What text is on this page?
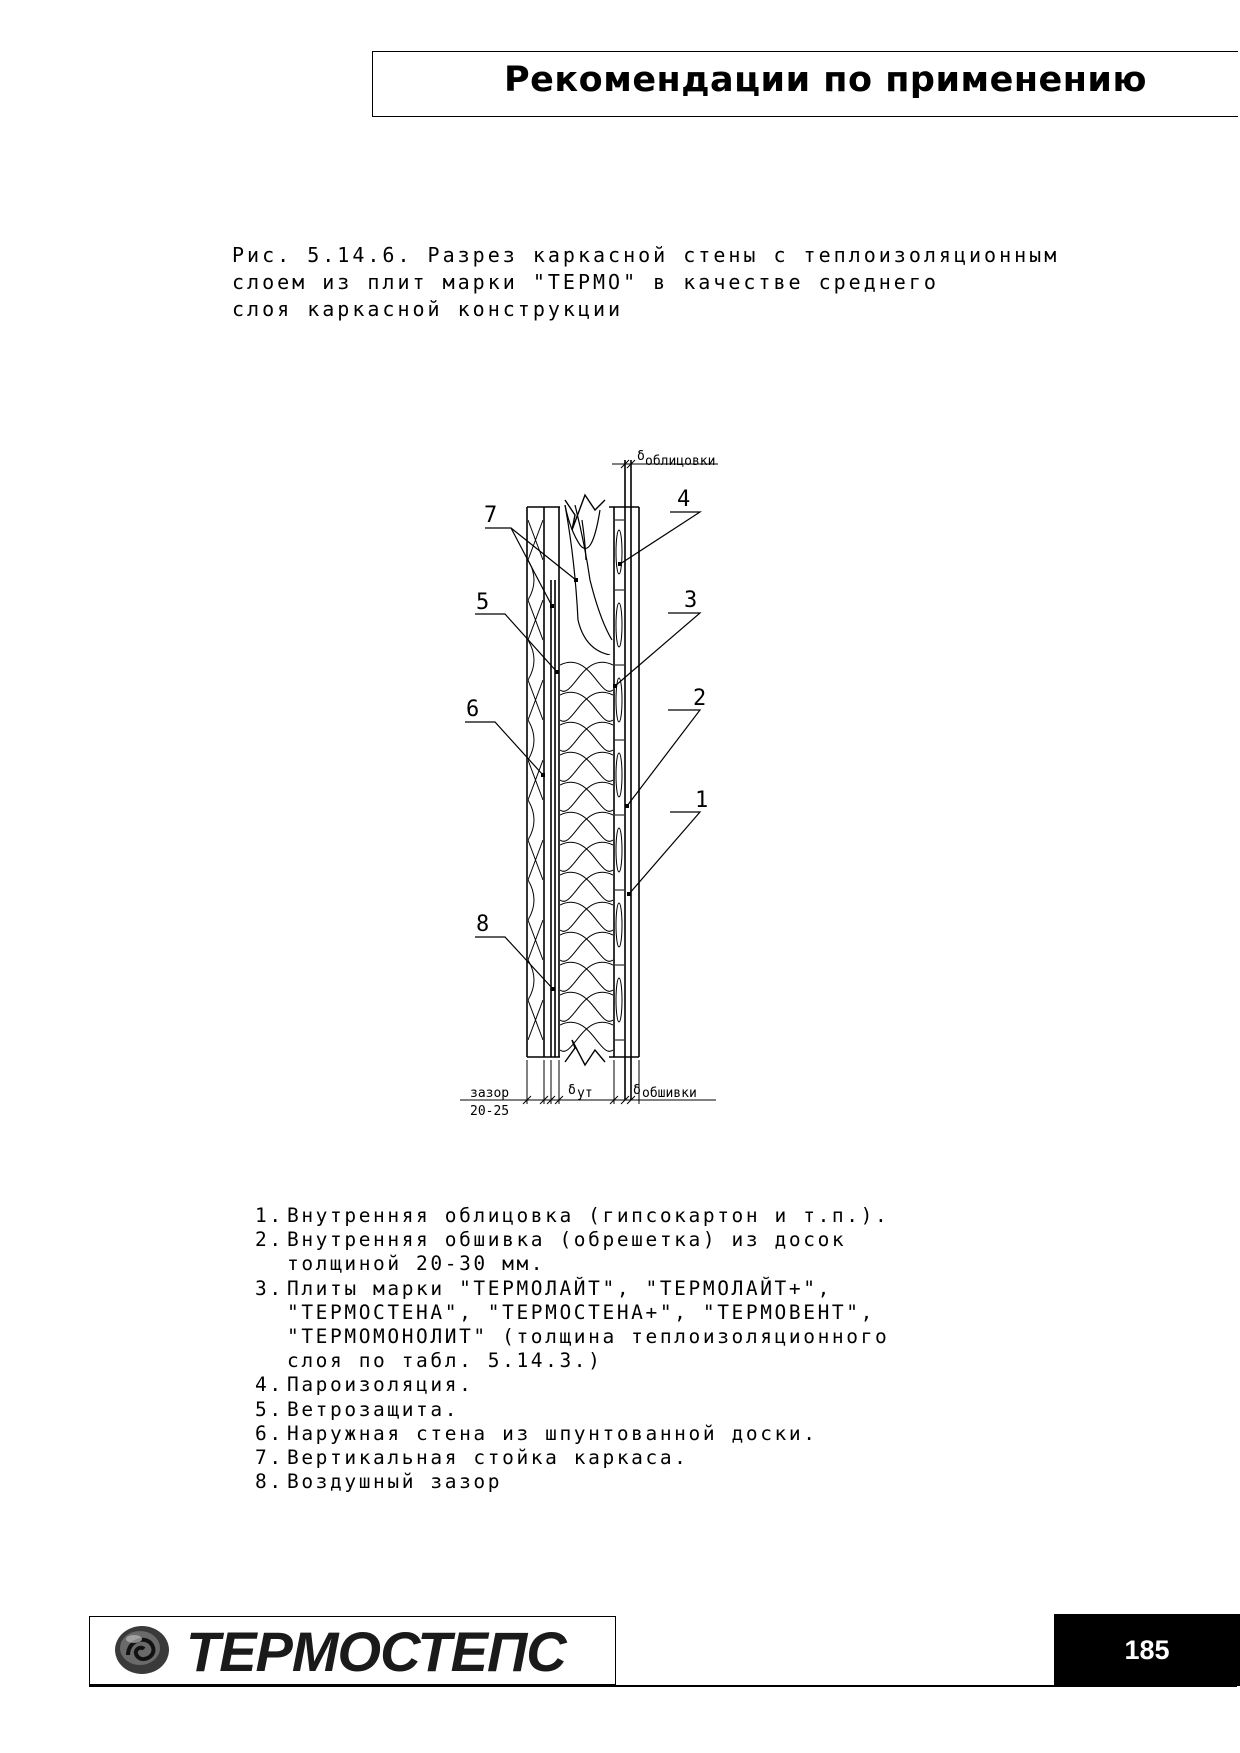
Рекомендации по применению
Рис. 5.14.6. Разрез каркасной стены с теплоизоляционным
слоем из плит марки "ТЕРМО" в качестве среднего
слоя каркасной конструкции
7
4
5	3
2
6
1
8
δ облицовки
зазор
20-25
δ ут	δ обшивки
1. Внутренняя облицовка (гипсокартон и т.п.).
2. Внутренняя обшивка (обрешетка) из досок
толщиной 20-30 мм.
3. Плиты марки "ТЕРМОЛАЙТ", "ТЕРМОЛАЙТ+",
"ТЕРМОСТЕНА", "ТЕРМОСТЕНА+", "ТЕРМОВЕНТ",
"ТЕРМОМОНОЛИТ" (толщина теплоизоляционного
слоя по табл. 5.14.3.)
4. Пароизоляция.
5. Ветрозащита.
6. Наружная стена из шпунтованной доски.
7. Вертикальная стойка каркаса.
8. Воздушный зазор
ТЕРМОСТЕПС	185
